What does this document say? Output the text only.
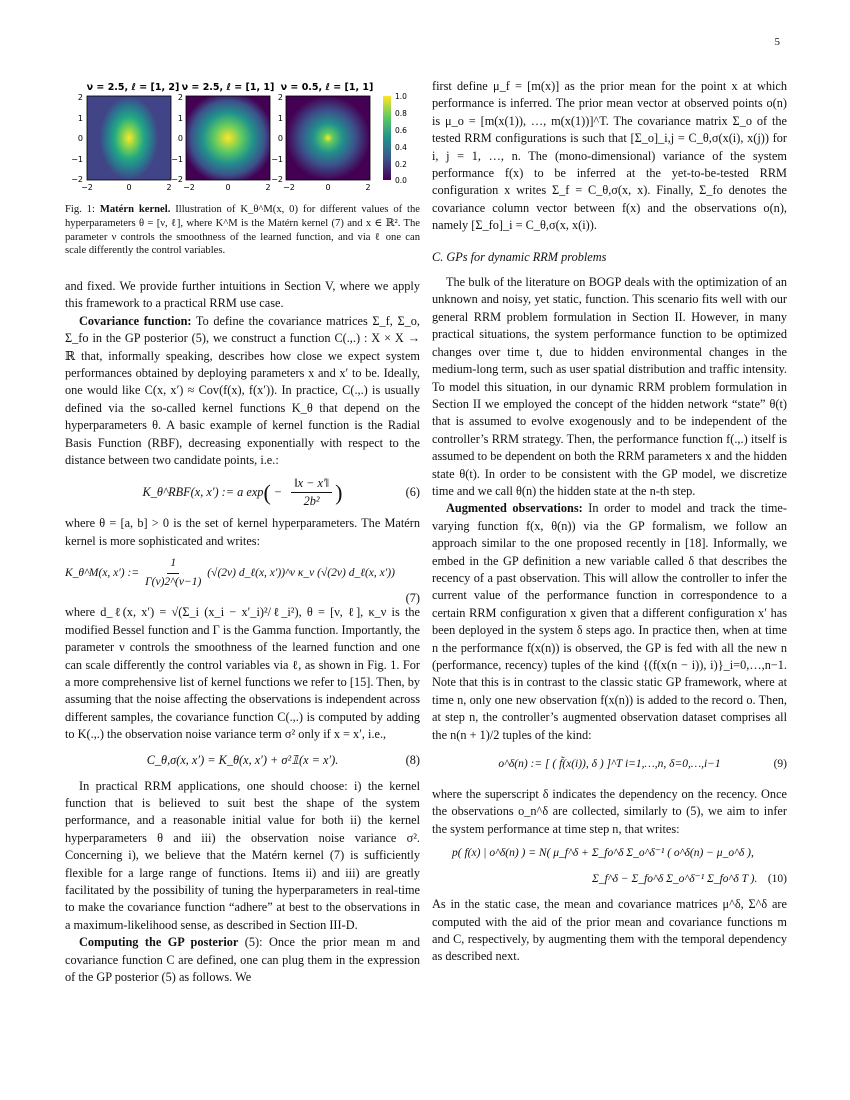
5
ν = 2.5, ℓ = [1, 2]
2
1
0
−1
−2
−2	0	2
ν = 2.5, ℓ = [1, 1]
2
1
0
−1
−2
−2	0	2
ν = 0.5, ℓ = [1, 1]
2
1
0
−1
−2
−2	0	2
1.0
0.8
0.6
0.4
0.2
0.0
Fig. 1: Matérn kernel. Illustration of K_θ^M(x, 0) for different values of the hyperparameters θ = [ν, ℓ], where K^M is the Matérn kernel (7) and x ∈ ℝ². The parameter ν controls the smoothness of the learned function, and via ℓ one can scale differently the control variables.

and fixed. We provide further intuitions in Section V, where we apply this framework to a practical RRM use case.

Covariance function: To define the covariance matrices Σ_f, Σ_o, Σ_fo in the GP posterior (5), we construct a function C(.,.) : X × X → ℝ that, informally speaking, describes how close we expect system performances obtained by deploying parameters x and x′ to be. Ideally, one would like C(x, x′) ≈ Cov(f(x), f(x′)). In practice, C(.,.) is usually defined via the so-called kernel functions K_θ that depend on the hyperparameters θ. A basic example of kernel function is the Radial Basis Function (RBF), decreasing exponentially with respect to the distance between two candidate points, i.e.:

K_θ^RBF(x, x′) := a exp ( − $\frac{‖x - x'‖}{\text{2b²}}$ )	(6)

where θ = [a, b] > 0 is the set of kernel hyperparameters. The Matérn kernel is more sophisticated and writes:

K_θ^M(x, x′) := $\frac{1}{\Gamma(\nu)2\^{}(\nu-1)} (√(2\nu)$ d_ℓ(x, x′))^ν κ_ν (√(2ν) d_ℓ(x, x′))
(7)

where d_ℓ(x, x′) = √(Σ_i (x_i − x′_i)²/ℓ_i²), θ = [ν, ℓ], κ_ν is the modified Bessel function and Γ is the Gamma function. Importantly, the parameter ν controls the smoothness of the learned function and one can scale differently the control variables via ℓ, as shown in Fig. 1. For a more comprehensive list of kernel functions we refer to [15]. Then, by assuming that the noise affecting the observations is independent across different samples, the covariance function C(.,.) is computed by adding to K(.,.) the observation noise variance term σ² only if x = x′, i.e.,

C_θ,σ(x, x′) = K_θ(x, x′) + σ²𝟙(x = x′).	(8)

In practical RRM applications, one should choose: i) the kernel function that is believed to suit best the shape of the system performance, and a reasonable initial value for both ii) the kernel hyperparameters θ and iii) the observation noise variance σ². Concerning i), we believe that the Matérn kernel (7) is sufficiently flexible for a large range of functions. Items ii) and iii) are greatly facilitated by the possibility of tuning the hyperparameters in real-time to make the covariance function “adhere” at best to the observations in a maximum-likelihood sense, as described in Section III-D.

Computing the GP posterior (5): Once the prior mean m and covariance function C are defined, one can plug them in the expression of the GP posterior (5) as follows. We

first define μ_f = [m(x)] as the prior mean for the point x at which performance is inferred. The prior mean vector at observed points o(n) is μ_o = [m(x(1)), …, m(x(1))]^T. The covariance matrix Σ_o of the tested RRM configurations is such that [Σ_o]_i,j = C_θ,σ(x(i), x(j)) for i, j = 1, …, n. The (mono-dimensional) variance of the system performance f(x) to be inferred at the yet-to-be-tested RRM configuration x writes Σ_f = C_θ,σ(x, x). Finally, Σ_fo denotes the covariance column vector between f(x) and the observations o(n), namely [Σ_fo]_i = C_θ,σ(x, x(i)).

C. GPs for dynamic RRM problems

The bulk of the literature on BOGP deals with the optimization of an unknown and noisy, yet static, function. This scenario fits well with our general RRM problem formulation in Section II. However, in many practical situations, the system performance function to be optimized changes over time t, due to hidden environmental changes in the medium-long term, such as user spatial distribution and traffic intensity. To model this situation, in our dynamic RRM problem formulation in Section II we employed the concept of the hidden network “state” θ(t) that is assumed to evolve exogenously and to be independent of the controller’s RRM strategy. Then, the performance function f(.,.) itself is assumed to be dependent on both the RRM parameters x and the hidden state θ(t). In order to be consistent with the GP model, we discretize time and we call θ(n) the hidden state at the n-th step.

Augmented observations: In order to model and track the time-varying function f(x, θ(n)) via the GP formalism, we follow an approach similar to the one proposed recently in [18]. Informally, we embed in the GP definition a new variable called δ that describes the recency of a past observation. This will allow the controller to infer the current value of the performance function in correspondence to a certain RRM configuration x given that a different configuration x′ has been deployed in the system δ steps ago. In practice then, when at time n the performance f(x(n)) is observed, the GP is fed with all the new n (performance, recency) tuples of the kind {(f(x(n − i)), i)}_i=0,…,n−1. Note that this is in contrast to the classic static GP framework, where at time n, only one new observation f(x(n)) is added to the record o. Then, at step n, the controller’s augmented observation dataset comprises all the n(n + 1)/2 tuples of the kind:

o^δ(n) := [ ( f̃(x(i)), δ ) ]^T i=1,…,n, δ=0,…,i−1	(9)

where the superscript δ indicates the dependency on the recency. Once the observations o_n^δ are collected, similarly to (5), we aim to infer the system performance at time step n, that writes:

p( f(x) | o^δ(n) ) = N( μ_f^δ + Σ_fo^δ Σ_o^δ⁻¹ ( o^δ(n) − μ_o^δ ),
Σ_f^δ − Σ_fo^δ Σ_o^δ⁻¹ Σ_fo^δ T ). (10)

As in the static case, the mean and covariance matrices μ^δ, Σ^δ are computed with the aid of the prior mean and covariance functions m and C, respectively, by augmenting them with the temporal dependency as described next.
